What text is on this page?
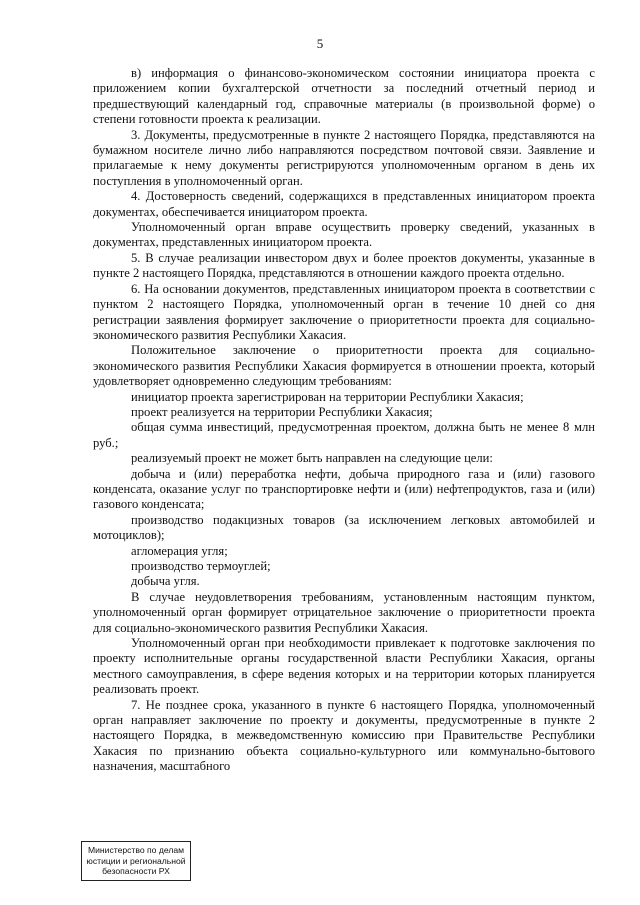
5

в) информация о финансово-экономическом состоянии инициатора проекта с приложением копии бухгалтерской отчетности за последний отчетный период и предшествующий календарный год, справочные материалы (в произвольной форме) о степени готовности проекта к реализации.

3. Документы, предусмотренные в пункте 2 настоящего Порядка, представляются на бумажном носителе лично либо направляются посредством почтовой связи. Заявление и прилагаемые к нему документы регистрируются уполномоченным органом в день их поступления в уполномоченный орган.

4. Достоверность сведений, содержащихся в представленных инициатором проекта документах, обеспечивается инициатором проекта.

Уполномоченный орган вправе осуществить проверку сведений, указанных в документах, представленных инициатором проекта.

5. В случае реализации инвестором двух и более проектов документы, указанные в пункте 2 настоящего Порядка, представляются в отношении каждого проекта отдельно.

6. На основании документов, представленных инициатором проекта в соответствии с пунктом 2 настоящего Порядка, уполномоченный орган в течение 10 дней со дня регистрации заявления формирует заключение о приоритетности проекта для социально-экономического развития Республики Хакасия.

Положительное заключение о приоритетности проекта для социально-экономического развития Республики Хакасия формируется в отношении проекта, который удовлетворяет одновременно следующим требованиям:

инициатор проекта зарегистрирован на территории Республики Хакасия;

проект реализуется на территории Республики Хакасия;

общая сумма инвестиций, предусмотренная проектом, должна быть не менее 8 млн руб.;

реализуемый проект не может быть направлен на следующие цели:

добыча и (или) переработка нефти, добыча природного газа и (или) газового конденсата, оказание услуг по транспортировке нефти и (или) нефтепродуктов, газа и (или) газового конденсата;

производство подакцизных товаров (за исключением легковых автомобилей и мотоциклов);

агломерация угля;

производство термоуглей;

добыча угля.

В случае неудовлетворения требованиям, установленным настоящим пунктом, уполномоченный орган формирует отрицательное заключение о приоритетности проекта для социально-экономического развития Республики Хакасия.

Уполномоченный орган при необходимости привлекает к подготовке заключения по проекту исполнительные органы государственной власти Республики Хакасия, органы местного самоуправления, в сфере ведения которых и на территории которых планируется реализовать проект.

7. Не позднее срока, указанного в пункте 6 настоящего Порядка, уполномоченный орган направляет заключение по проекту и документы, предусмотренные в пункте 2 настоящего Порядка, в межведомственную комиссию при Правительстве Республики Хакасия по признанию объекта социально-культурного или коммунально-бытового назначения, масштабного

Министерство по делам
юстиции и региональной
безопасности РХ
